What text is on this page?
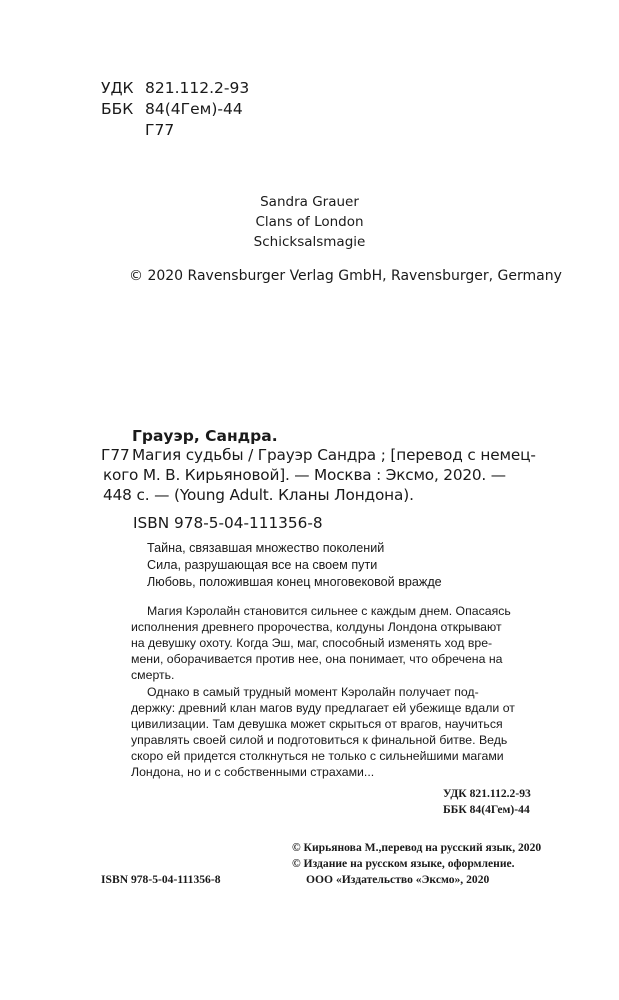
УДК 821.112.2-93
ББК 84(4Гем)-44
Г77
Sandra Grauer
Clans of London
Schicksalsmagie
© 2020 Ravensburger Verlag GmbH, Ravensburger, Germany
Грауэр, Сандра.
Г77 Магия судьбы / Грауэр Сандра ; [перевод с немец-
кого М. В. Кирьяновой]. — Москва : Эксмо, 2020. —
448 с. — (Young Adult. Кланы Лондона).
ISBN 978-5-04-111356-8
Тайна, связавшая множество поколений
Сила, разрушающая все на своем пути
Любовь, положившая конец многовековой вражде
Магия Кэролайн становится сильнее с каждым днем. Опасаясь
исполнения древнего пророчества, колдуны Лондона открывают
на девушку охоту. Когда Эш, маг, способный изменять ход вре-
мени, оборачивается против нее, она понимает, что обречена на
смерть.
Однако в самый трудный момент Кэролайн получает под-
держку: древний клан магов вуду предлагает ей убежище вдали от
цивилизации. Там девушка может скрыться от врагов, научиться
управлять своей силой и подготовиться к финальной битве. Ведь
скоро ей придется столкнуться не только с сильнейшими магами
Лондона, но и с собственными страхами...
УДК 821.112.2-93
ББК 84(4Гем)-44
© Кирьянова М.,перевод на русский язык, 2020
© Издание на русском языке, оформление.
ISBN 978-5-04-111356-8	ООО «Издательство «Эксмо», 2020
